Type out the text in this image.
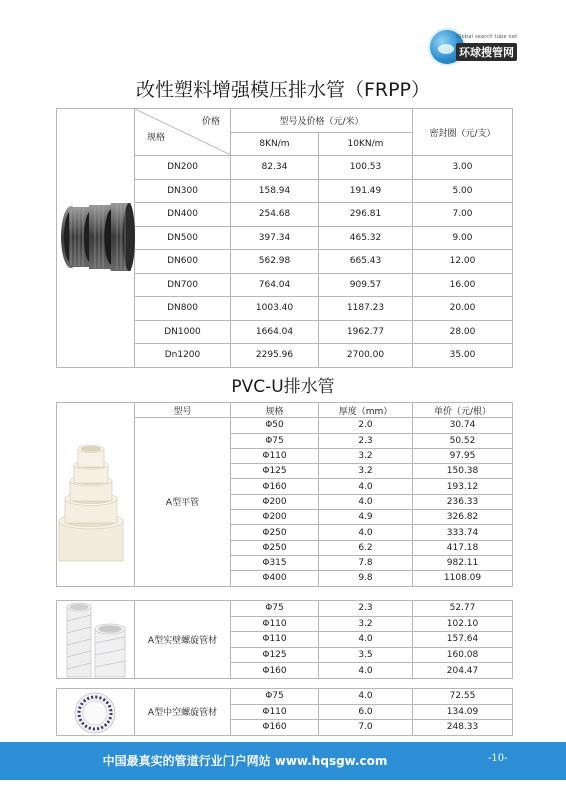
Global search tube net
环球搜管网
改性塑料增强模压排水管（FRPP）

价格
规格	型号及价格（元/米）		密封圈（元/支）
		8KN/m	10KN/m	
	DN200	82.34	100.53	3.00
	DN300	158.94	191.49	5.00
	DN400	254.68	296.81	7.00
	DN500	397.34	465.32	9.00
	DN600	562.98	665.43	12.00
	DN700	764.04	909.57	16.00
	DN800	1003.40	1187.23	20.00
	DN1000	1664.04	1962.77	28.00
	Dn1200	2295.96	2700.00	35.00
PVC-U排水管
	型号	规格	厚度（mm）	单价（元/根）
	A型平管	Φ50	2.0	30.74
		Φ75	2.3	50.52
		Φ110	3.2	97.95
		Φ125	3.2	150.38
		Φ160	4.0	193.12
		Φ200	4.0	236.33
		Φ200	4.9	326.82
		Φ250	4.0	333.74
		Φ250	6.2	417.18
		Φ315	7.8	982.11
		Φ400	9.8	1108.09
	A型实壁螺旋管材	Φ75	2.3	52.77
		Φ110	3.2	102.10
		Φ110	4.0	157.64
		Φ125	3.5	160.08
		Φ160	4.0	204.47
	A型中空螺旋管材	Φ75	4.0	72.55
		Φ110	6.0	134.09
		Φ160	7.0	248.33
中国最真实的管道行业门户网站 www.hqsgw.com	-10-
